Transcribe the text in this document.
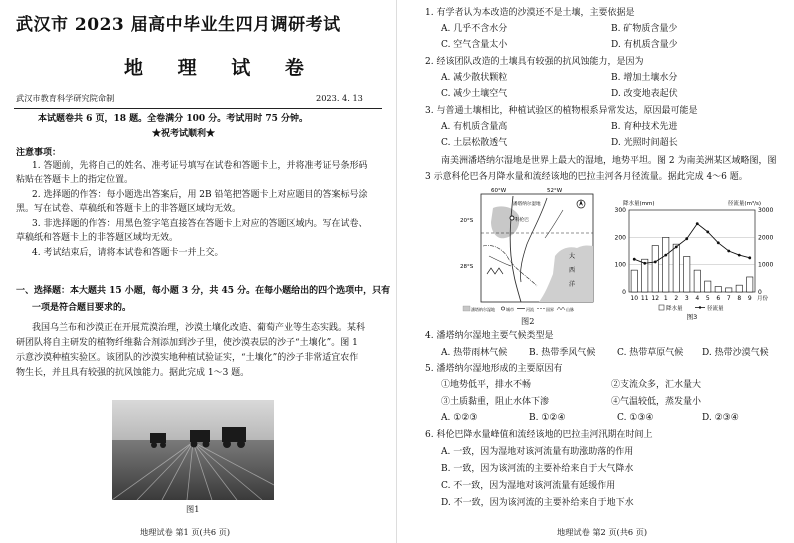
武汉市 2023 届高中毕业生四月调研考试
地 理 试 卷
武汉市教育科学研究院命制	2023. 4. 13
本试题卷共 6 页，18 题。全卷满分 100 分。考试用时 75 分钟。
★祝考试顺利★
注意事项：
1. 答题前，先将自己的姓名、准考证号填写在试卷和答题卡上，并将准考证号条形码
粘贴在答题卡上的指定位置。
2. 选择题的作答：每小题选出答案后，用 2B 铅笔把答题卡上对应题目的答案标号涂
黑。写在试卷、草稿纸和答题卡上的非答题区域均无效。
3. 非选择题的作答：用黑色签字笔直接答在答题卡上对应的答题区域内。写在试卷、
草稿纸和答题卡上的非答题区域均无效。
4. 考试结束后，请将本试卷和答题卡一并上交。
一、选择题：本大题共 15 小题，每小题 3 分，共 45 分。在每小题给出的四个选项中，只有
一项是符合题目要求的。
我国乌兰布和沙漠正在开展荒漠治理，沙漠土壤化改造、葡萄产业等生态实践。某科
研团队将自主研发的植物纤维黏合剂添加到沙子里，使沙漠表层的沙子“土壤化”。图 1
示意沙漠种植实验区。该团队的沙漠实地种植试验证实，“土壤化”的沙子非常适宜农作
物生长，并且具有较强的抗风蚀能力。据此完成 1～3 题。
图1
地理试卷 第1 页(共6 页)
1. 有学者认为本改造的沙漠还不是土壤，主要依据是
A. 几乎不含水分	B. 矿物质含量少
C. 空气含量太小	D. 有机质含量少
2. 经该团队改造的土壤具有较强的抗风蚀能力，是因为
A. 减少散状颗粒	B. 增加土壤水分
C. 减少土壤空气	D. 改变地表起伏
3. 与普通土壤相比，种植试验区的植物根系异常发达，原因最可能是
A. 有机质含量高	B. 育种技术先进
C. 土层松散透气	D. 光照时间超长
南美洲潘塔纳尔湿地是世界上最大的湿地，地势平坦。图 2 为南美洲某区域略图，图
3 示意科伦巴各月降水量和流经该地的巴拉圭河各月径流量。据此完成 4～6 题。
60°W	52°W
20°S
28°S
潘塔纳尔湿地
科伦巴
大
西
洋
潘塔纳尔湿地	城市	河流	国界	山脉
图2
0
100
200
300
0
1000
2000
3000
降水量(mm)	径流量(m³/s)
10 11 12 1 2 3 4 5 6 7 8 9 月份
降水量	径流量
图3
4. 潘塔纳尔湿地主要气候类型是
A. 热带雨林气候 B. 热带季风气候 C. 热带草原气候 D. 热带沙漠气候
5. 潘塔纳尔湿地形成的主要原因有
①地势低平，排水不畅	②支流众多，汇水量大
③土质黏重，阻止水体下渗	④气温较低，蒸发量小
A. ①②③	B. ①②④	C. ①③④	D. ②③④
6. 科伦巴降水量峰值和流经该地的巴拉圭河汛期在时间上
A. 一致，因为湿地对该河流量有助涨助落的作用
B. 一致，因为该河流的主要补给来自于大气降水
C. 不一致，因为湿地对该河流量有延缓作用
D. 不一致，因为该河流的主要补给来自于地下水
地理试卷 第2 页(共6 页)
